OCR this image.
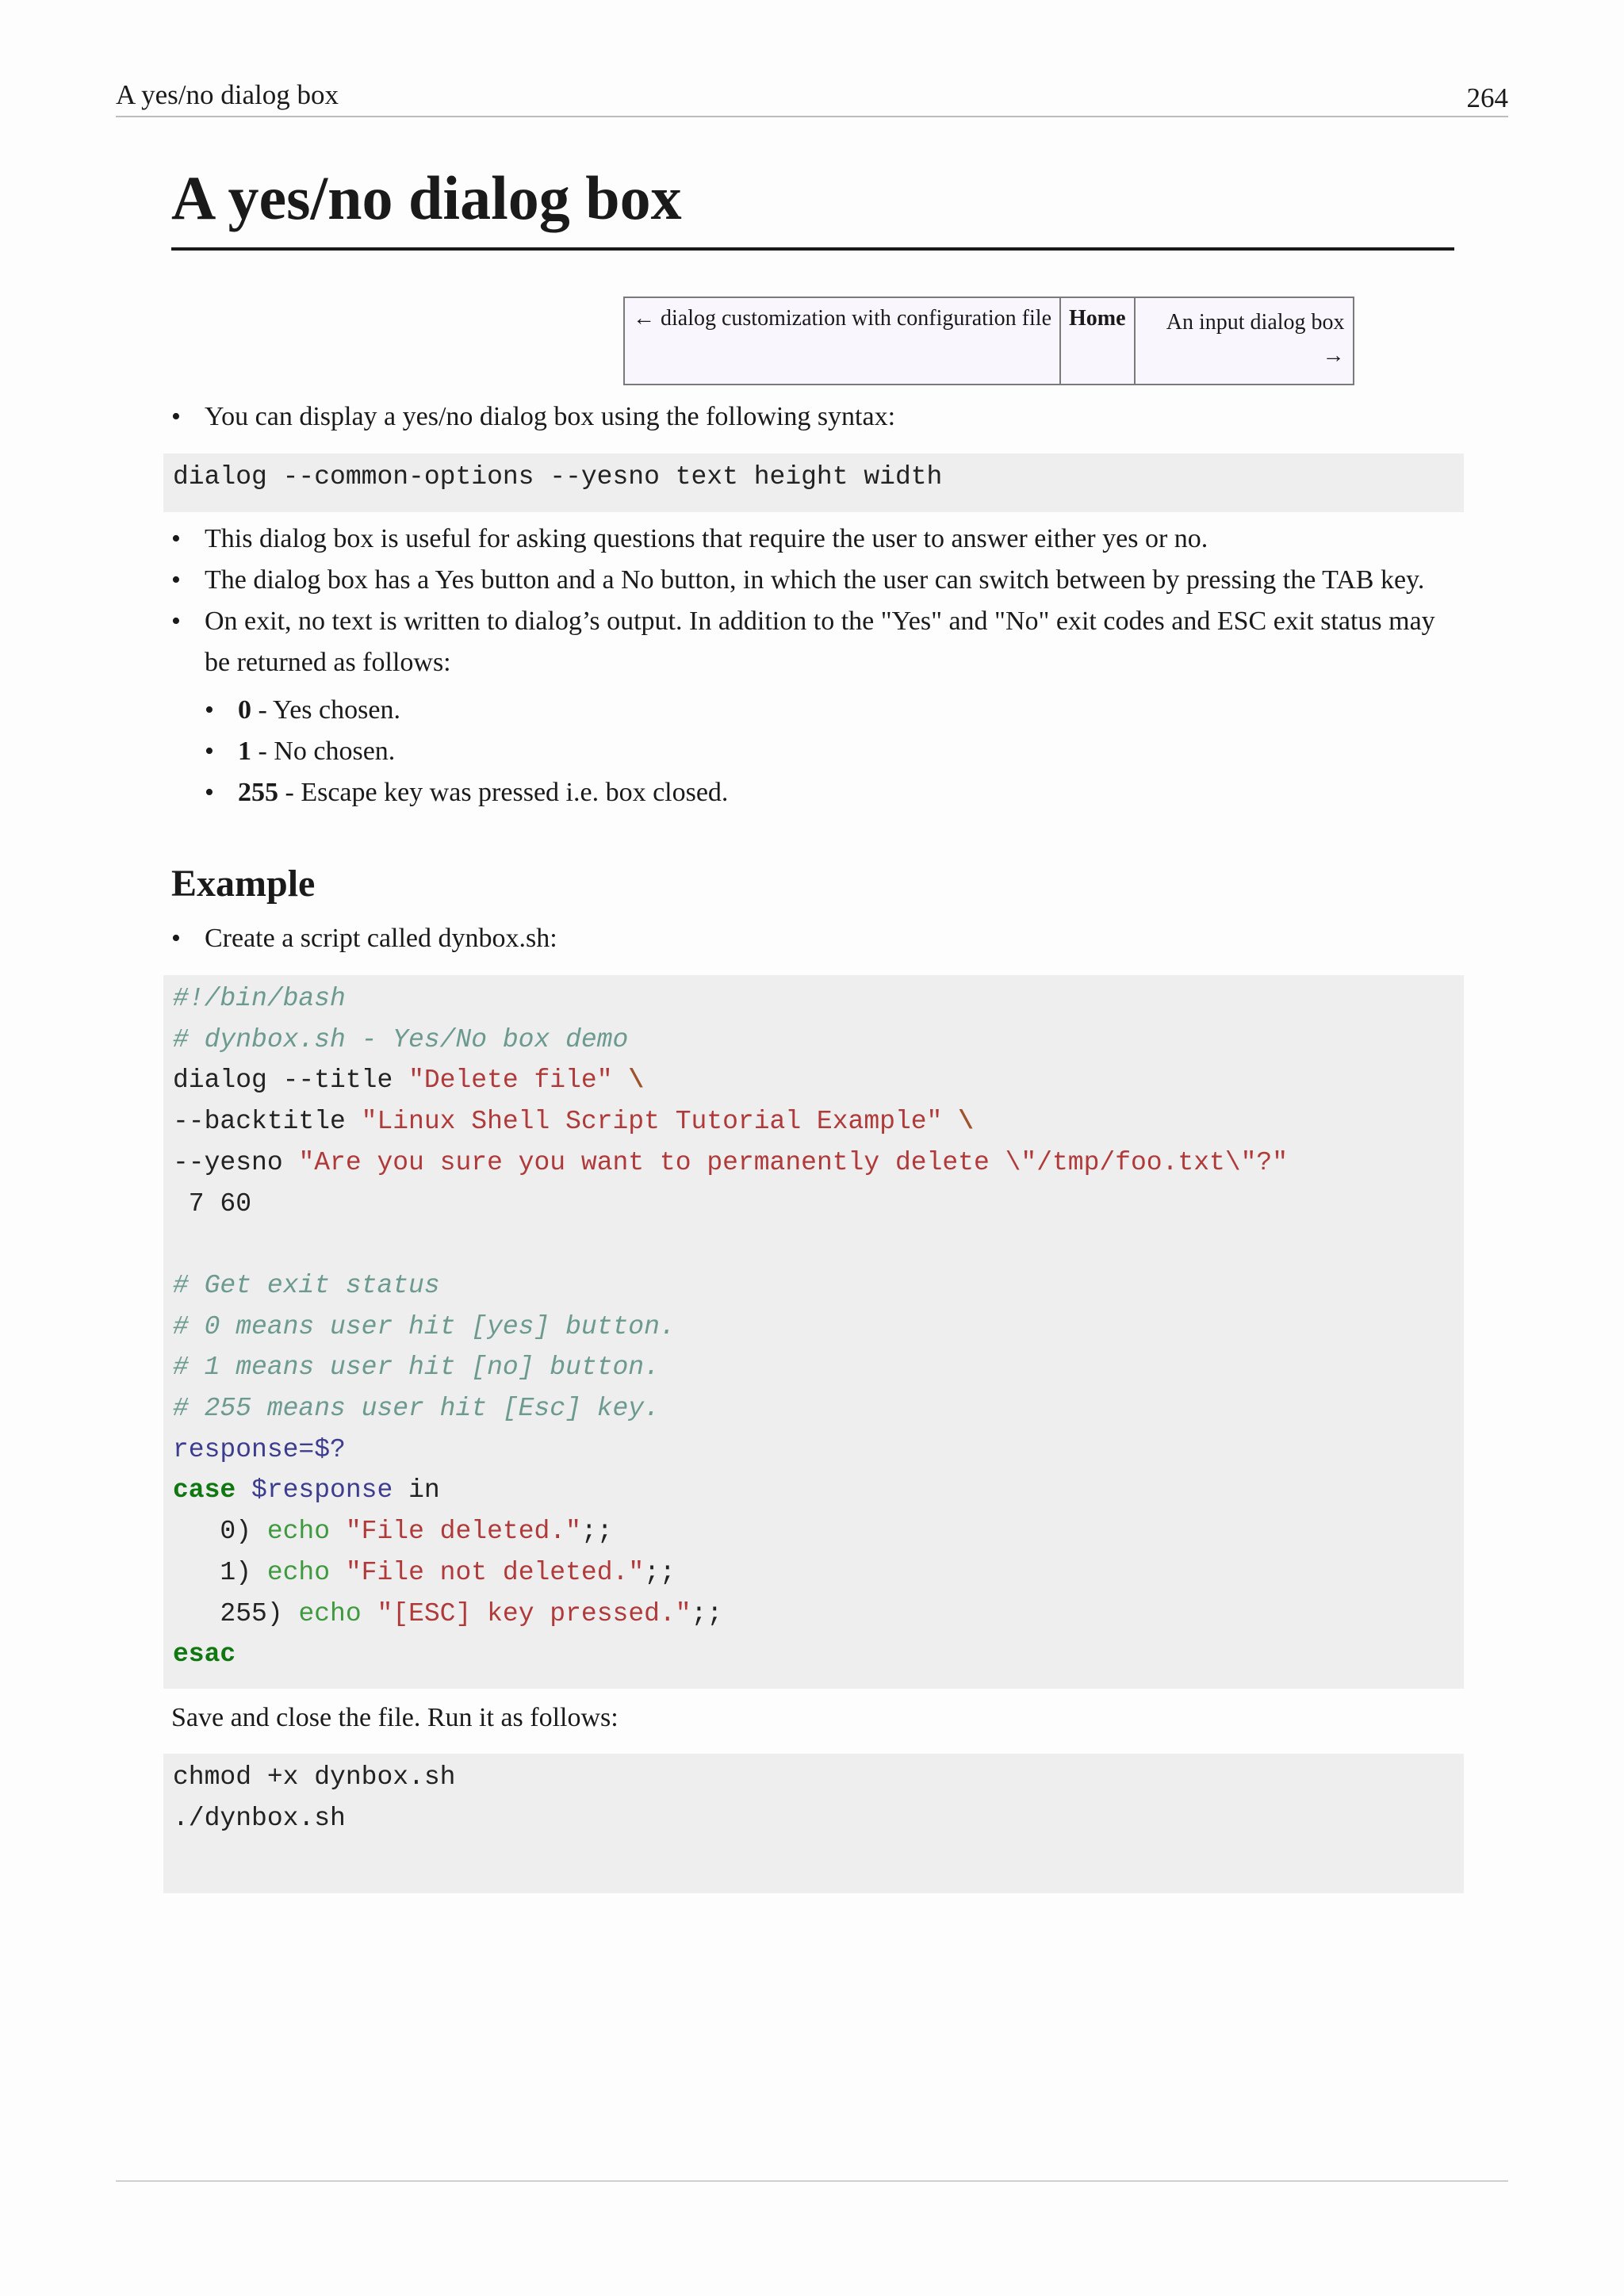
A yes/no dialog box	264
A yes/no dialog box
← dialog customization with configuration file	Home	An input dialog box
→
• You can display a yes/no dialog box using the following syntax:
dialog --common-options --yesno text height width
• This dialog box is useful for asking questions that require the user to answer either yes or no.
• The dialog box has a Yes button and a No button, in which the user can switch between by pressing the TAB key.
• On exit, no text is written to dialog’s output. In addition to the "Yes" and "No" exit codes and ESC exit status may be returned as follows:
• 0 - Yes chosen.
• 1 - No chosen.
• 255 - Escape key was pressed i.e. box closed.
Example
• Create a script called dynbox.sh:
#!/bin/bash
# dynbox.sh - Yes/No box demo
dialog --title "Delete file" \
--backtitle "Linux Shell Script Tutorial Example" \
--yesno "Are you sure you want to permanently delete \"/tmp/foo.txt\"?"
7 60
# Get exit status
# 0 means user hit [yes] button.
# 1 means user hit [no] button.
# 255 means user hit [Esc] key.
response=$?
case $response in
0) echo "File deleted.";;
1) echo "File not deleted.";;
255) echo "[ESC] key pressed.";;
esac

Save and close the file. Run it as follows:

chmod +x dynbox.sh
./dynbox.sh
